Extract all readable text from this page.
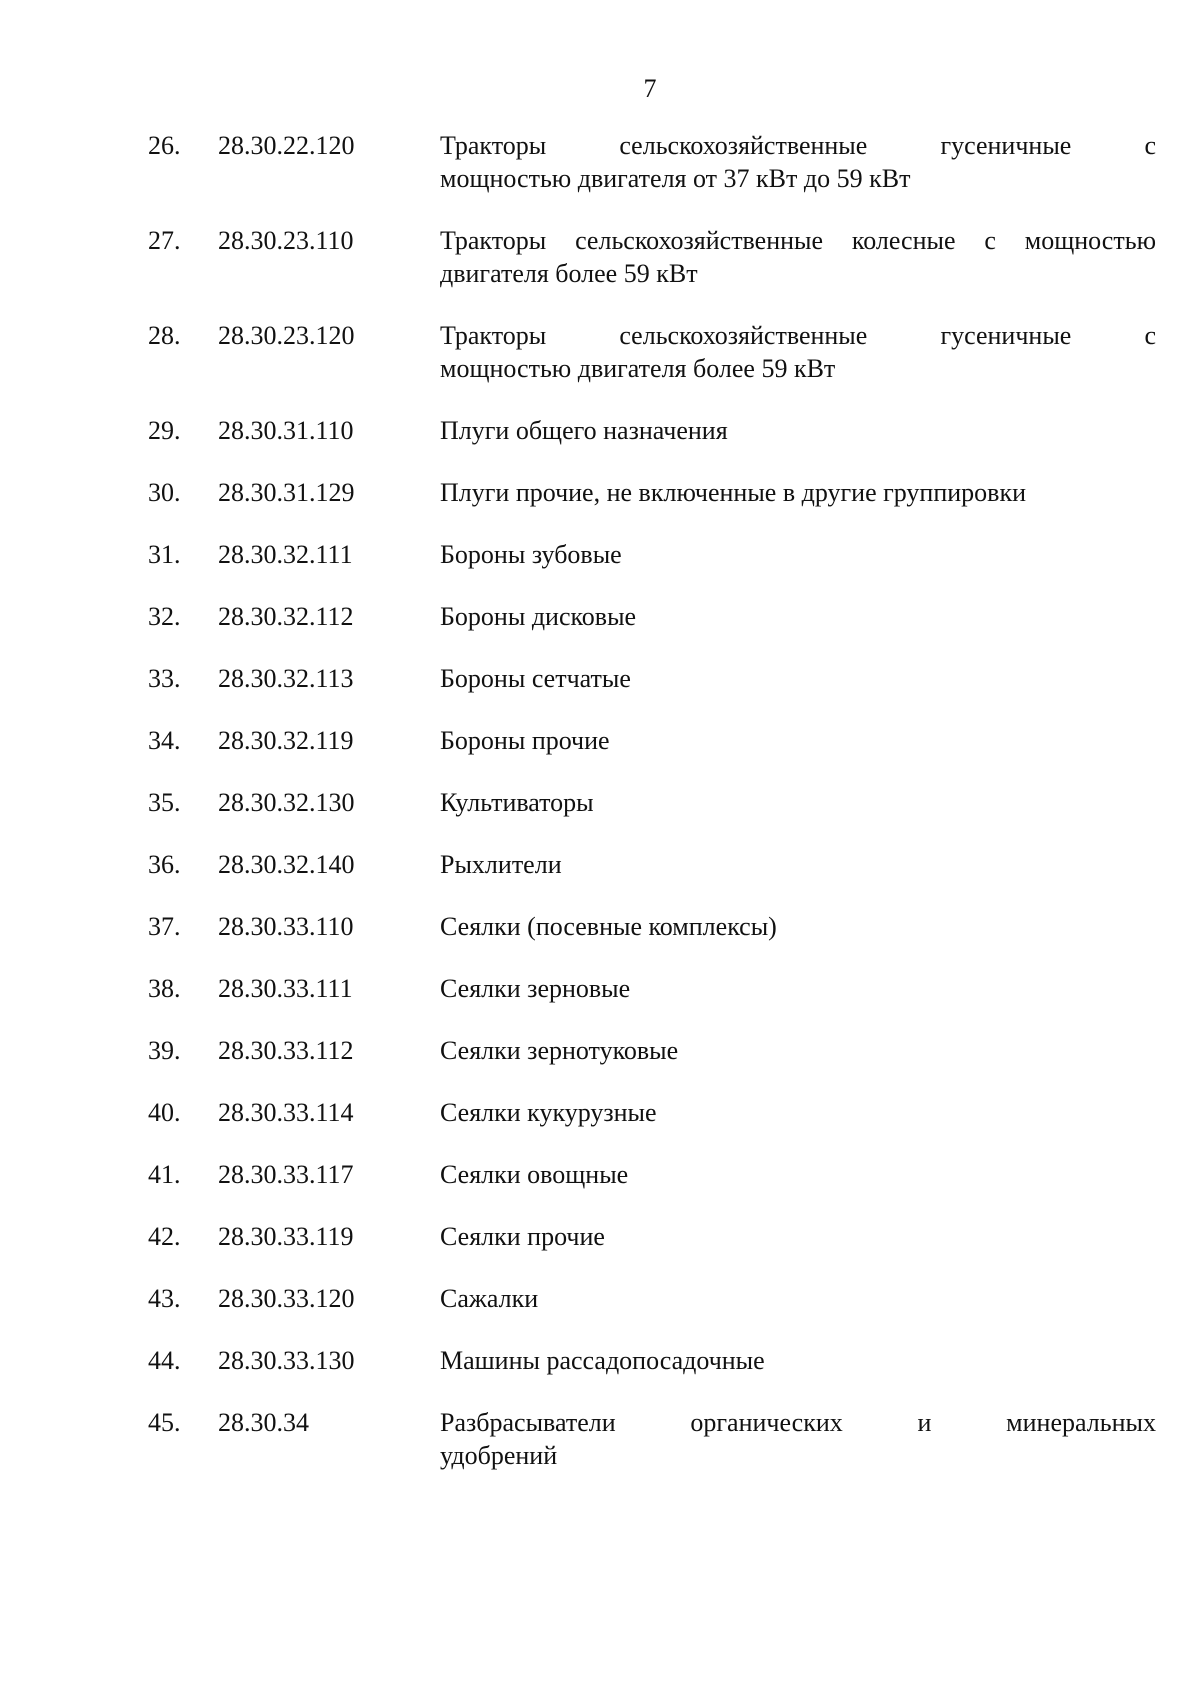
7
26.	28.30.22.120	Тракторы сельскохозяйственные гусеничные с
мощностью двигателя от 37 кВт до 59 кВт
27.	28.30.23.110	Тракторы сельскохозяйственные колесные с мощностью
двигателя более 59 кВт
28.	28.30.23.120	Тракторы сельскохозяйственные гусеничные с
мощностью двигателя более 59 кВт
29.	28.30.31.110	Плуги общего назначения
30.	28.30.31.129	Плуги прочие, не включенные в другие группировки
31.	28.30.32.111	Бороны зубовые
32.	28.30.32.112	Бороны дисковые
33.	28.30.32.113	Бороны сетчатые
34.	28.30.32.119	Бороны прочие
35.	28.30.32.130	Культиваторы
36.	28.30.32.140	Рыхлители
37.	28.30.33.110	Сеялки (посевные комплексы)
38.	28.30.33.111	Сеялки зерновые
39.	28.30.33.112	Сеялки зернотуковые
40.	28.30.33.114	Сеялки кукурузные
41.	28.30.33.117	Сеялки овощные
42.	28.30.33.119	Сеялки прочие
43.	28.30.33.120	Сажалки
44.	28.30.33.130	Машины рассадопосадочные
45.	28.30.34	Разбрасыватели органических и минеральных
удобрений
